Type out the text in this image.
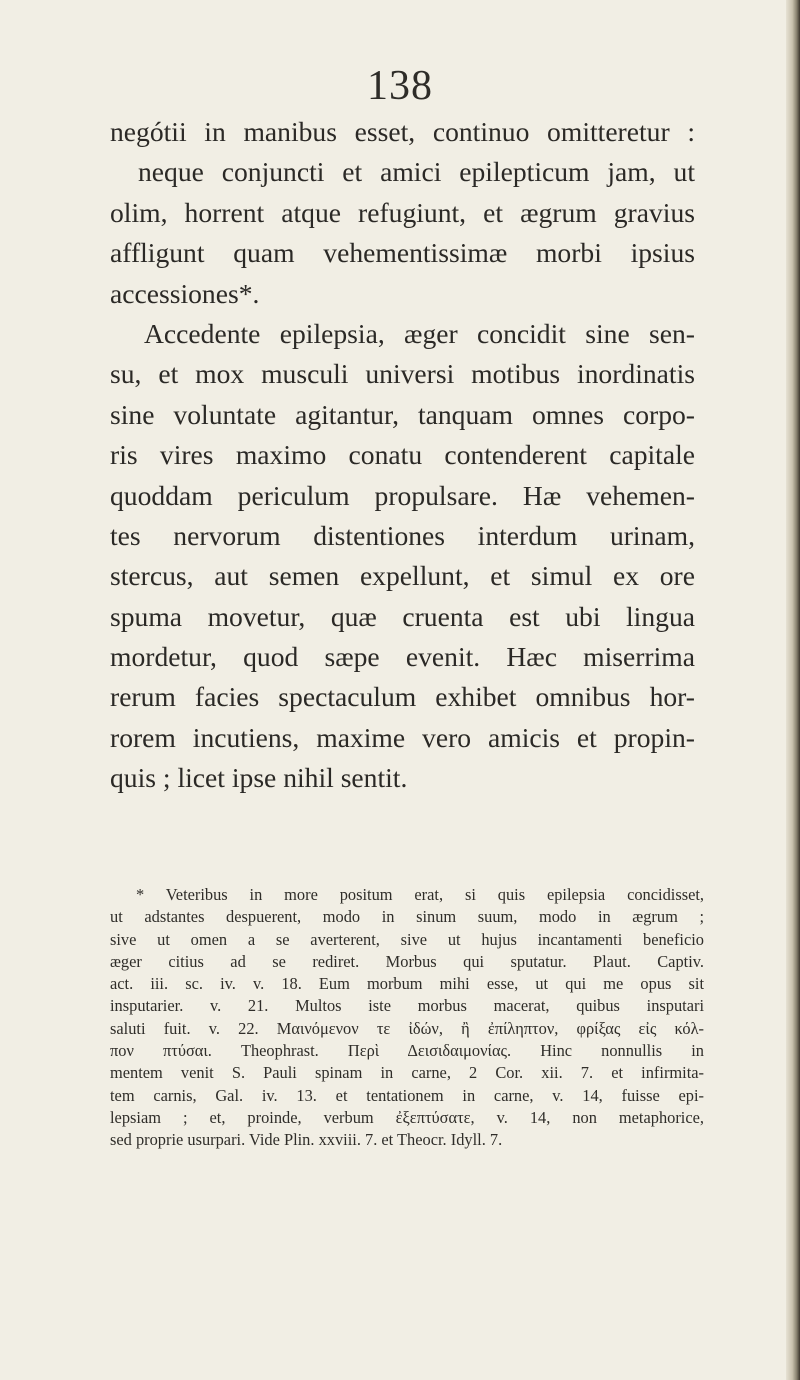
138
negótii in manibus esset, continuo omitteretur :
neque conjuncti et amici epilepticum jam, ut
olim, horrent atque refugiunt, et ægrum gravius
affligunt quam vehementissimæ morbi ipsius
accessiones*.
Accedente epilepsia, æger concidit sine sen-
su, et mox musculi universi motibus inordinatis
sine voluntate agitantur, tanquam omnes corpo-
ris vires maximo conatu contenderent capitale
quoddam periculum propulsare. Hæ vehemen-
tes nervorum distentiones interdum urinam,
stercus, aut semen expellunt, et simul ex ore
spuma movetur, quæ cruenta est ubi lingua
mordetur, quod sæpe evenit. Hæc miserrima
rerum facies spectaculum exhibet omnibus hor-
rorem incutiens, maxime vero amicis et propin-
quis ; licet ipse nihil sentit.
* Veteribus in more positum erat, si quis epilepsia concidisset,
ut adstantes despuerent, modo in sinum suum, modo in ægrum ;
sive ut omen a se averterent, sive ut hujus incantamenti beneficio
æger citius ad se rediret. Morbus qui sputatur. Plaut. Captiv.
act. iii. sc. iv. v. 18. Eum morbum mihi esse, ut qui me opus sit
insputarier. v. 21. Multos iste morbus macerat, quibus insputari
saluti fuit. v. 22. Μαινόμενον τε ἰδών, ἢ ἐπίληπτον, φρίξας εἰς κόλ-
πον πτύσαι. Theophrast. Περὶ Δεισιδαιμονίας. Hinc nonnullis in
mentem venit S. Pauli spinam in carne, 2 Cor. xii. 7. et infirmita-
tem carnis, Gal. iv. 13. et tentationem in carne, v. 14, fuisse epi-
lepsiam ; et, proinde, verbum ἐξεπτύσατε, v. 14, non metaphorice,
sed proprie usurpari. Vide Plin. xxviii. 7. et Theocr. Idyll. 7.
